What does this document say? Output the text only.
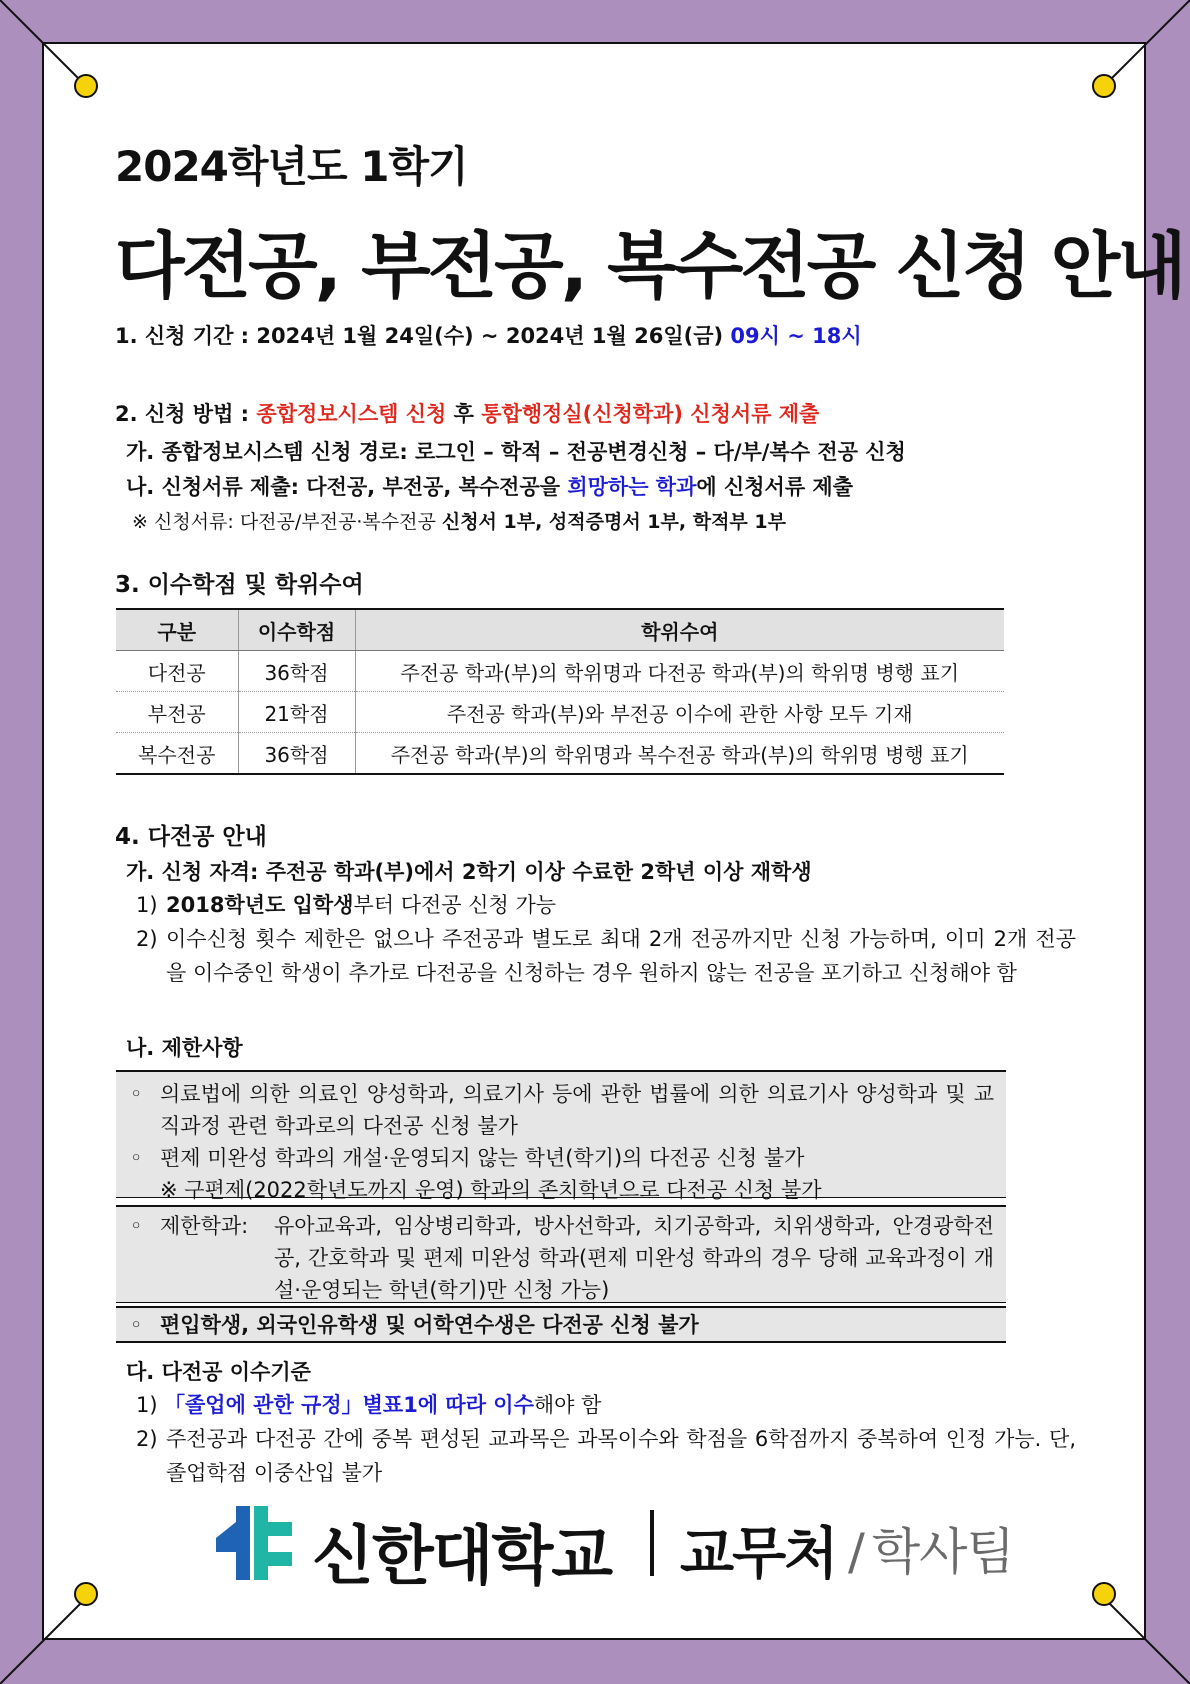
2024학년도 1학기
다전공, 부전공, 복수전공 신청 안내
1. 신청 기간 : 2024년 1월 24일(수) ~ 2024년 1월 26일(금) 09시 ~ 18시
2. 신청 방법 : 종합정보시스템 신청 후 통합행정실(신청학과) 신청서류 제출
가. 종합정보시스템 신청 경로: 로그인 – 학적 – 전공변경신청 – 다/부/복수 전공 신청
나. 신청서류 제출: 다전공, 부전공, 복수전공을 희망하는 학과에 신청서류 제출
※ 신청서류: 다전공/부전공·복수전공 신청서 1부, 성적증명서 1부, 학적부 1부
3. 이수학점 및 학위수여
구분	이수학점	학위수여
다전공	36학점	주전공 학과(부)의 학위명과 다전공 학과(부)의 학위명 병행 표기
부전공	21학점	주전공 학과(부)와 부전공 이수에 관한 사항 모두 기재
복수전공	36학점	주전공 학과(부)의 학위명과 복수전공 학과(부)의 학위명 병행 표기
4. 다전공 안내
가. 신청 자격: 주전공 학과(부)에서 2학기 이상 수료한 2학년 이상 재학생
1) 2018학년도 입학생부터 다전공 신청 가능
2) 이수신청 횟수 제한은 없으나 주전공과 별도로 최대 2개 전공까지만 신청 가능하며, 이미 2개 전공을 이수중인 학생이 추가로 다전공을 신청하는 경우 원하지 않는 전공을 포기하고 신청해야 함
나. 제한사항
◦ 의료법에 의한 의료인 양성학과, 의료기사 등에 관한 법률에 의한 의료기사 양성학과 및 교직과정 관련 학과로의 다전공 신청 불가
◦ 편제 미완성 학과의 개설·운영되지 않는 학년(학기)의 다전공 신청 불가
※ 구편제(2022학년도까지 운영) 학과의 존치학년으로 다전공 신청 불가
◦ 제한학과: 유아교육과, 임상병리학과, 방사선학과, 치기공학과, 치위생학과, 안경광학전공, 간호학과 및 편제 미완성 학과(편제 미완성 학과의 경우 당해 교육과정이 개설·운영되는 학년(학기)만 신청 가능)
◦ 편입학생, 외국인유학생 및 어학연수생은 다전공 신청 불가
다. 다전공 이수기준
1) 「졸업에 관한 규정」별표1에 따라 이수해야 함
2) 주전공과 다전공 간에 중복 편성된 교과목은 과목이수와 학점을 6학점까지 중복하여 인정 가능. 단, 졸업학점 이중산입 불가
신한대학교 교무처 / 학사팀
